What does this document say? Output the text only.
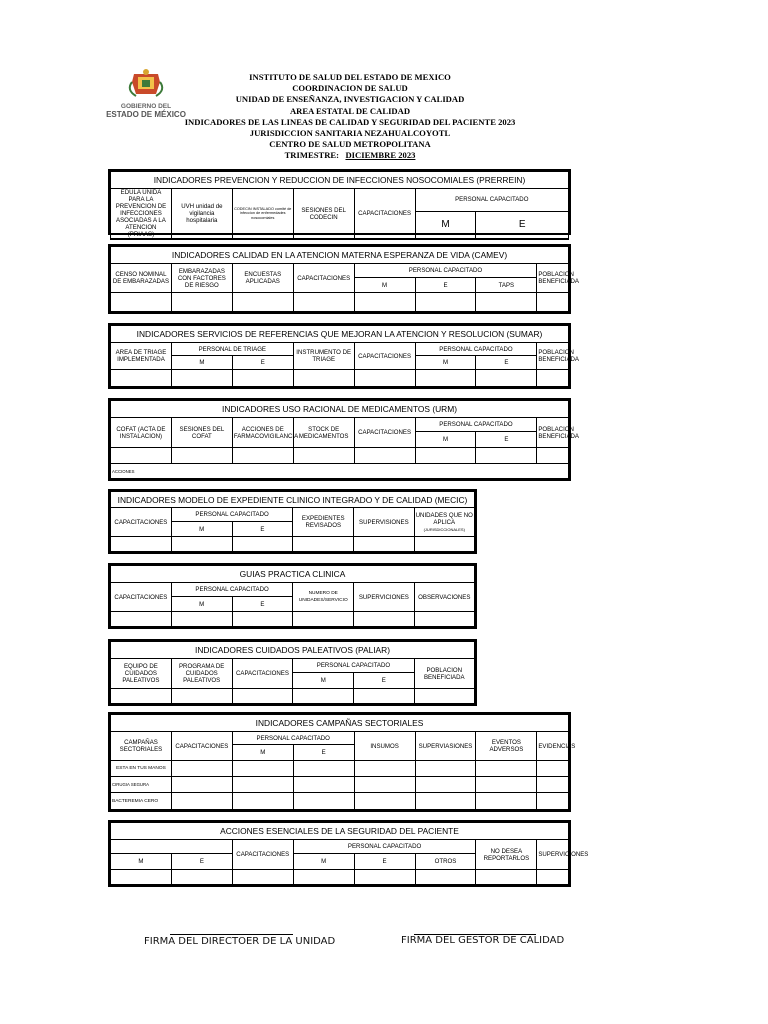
GOBIERNO DEL
ESTADO DE MÉXICO
INSTITUTO DE SALUD DEL ESTADO DE MEXICO
COORDINACION DE SALUD
UNIDAD DE ENSEÑANZA, INVESTIGACION Y CALIDAD
AREA ESTATAL DE CALIDAD
INDICADORES DE LAS LINEAS DE CALIDAD Y SEGURIDAD DEL PACIENTE 2023
JURISDICCION SANITARIA NEZAHUALCOYOTL
CENTRO DE SALUD METROPOLITANA
TRIMESTRE: DICIEMBRE 2023
INDICADORES PREVENCION Y REDUCCION DE INFECCIONES NOSOCOMIALES (PRERREIN)						
EDULA UNIDA PARA LA PREVENCION DE INFECCIONES ASOCIADAS A LA ATENCION (PRIAAS)	UVH unidad de vigilancia hospitalaria	CODECIN INSTALADO comité de infeccion de enfermedades nosocomiales	SESIONES DEL CODECIN	CAPACITACIONES	PERSONAL CAPACITADO	
					M	E

INDICADORES CALIDAD EN LA ATENCION MATERNA ESPERANZA DE VIDA (CAMEV)							
CENSO NOMINAL DE EMBARAZADAS	EMBARAZADAS CON FACTORES DE RIESGO	ENCUESTAS APLICADAS	CAPACITACIONES	PERSONAL CAPACITADO			POBLACION BENEFICIADA
				M	E	TAPS	

INDICADORES SERVICIOS DE REFERENCIAS QUE MEJORAN LA ATENCION Y RESOLUCION (SUMAR)							
AREA DE TRIAGE IMPLEMENTADA	PERSONAL DE TRIAGE		INSTRUMENTO DE TRIAGE	CAPACITACIONES	PERSONAL CAPACITADO		POBLACION BENEFICIADA
	M	E			M	E	

INDICADORES USO RACIONAL DE MEDICAMENTOS (URM)							
COFAT (ACTA DE INSTALACION)	SESIONES DEL COFAT	ACCIONES DE FARMACOVIGILANCIA	STOCK DE MEDICAMENTOS	CAPACITACIONES	PERSONAL CAPACITADO		POBLACION BENEFICIADA
					M	E	

ACCIONES							
INDICADORES MODELO DE EXPEDIENTE CLINICO INTEGRADO Y DE CALIDAD (MECIC)					
CAPACITACIONES	PERSONAL CAPACITADO		EXPEDIENTES REVISADOS	SUPERVISIONES	UNIDADES QUE NO APLICA
(JURISDICCIONALES)
	M	E			

GUIAS PRACTICA CLINICA					
CAPACITACIONES	PERSONAL CAPACITADO		NUMERO DE UNIDADES/SERVICIO	SUPERVICIONES	OBSERVACIONES
	M	E			

INDICADORES CUIDADOS PALEATIVOS (PALIAR)					
EQUIPO DE CUIDADOS PALEATIVOS	PROGRAMA DE CUIDADOS PALEATIVOS	CAPACITACIONES	PERSONAL CAPACITADO		POBLACION BENEFICIADA
			M	E	

INDICADORES CAMPAÑAS SECTORIALES							
CAMPAÑAS SECTORIALES	CAPACITACIONES	PERSONAL CAPACITADO		INSUMOS	SUPERVIASIONES	EVENTOS ADVERSOS	EVIDENCIAS
		M	E				
ESTA EN TUS MANOS							
CIRUGIA SEGURA							
BACTEREMIA CERO							
ACCIONES ESENCIALES DE LA SEGURIDAD DEL PACIENTE							
		CAPACITACIONES	PERSONAL CAPACITADO			NO DESEA REPORTARLOS	SUPERVICIONES
M	E		M	E	OTROS		

FIRMA DEL DIRECTOER DE LA UNIDAD	FIRMA DEL GESTOR DE CALIDAD
